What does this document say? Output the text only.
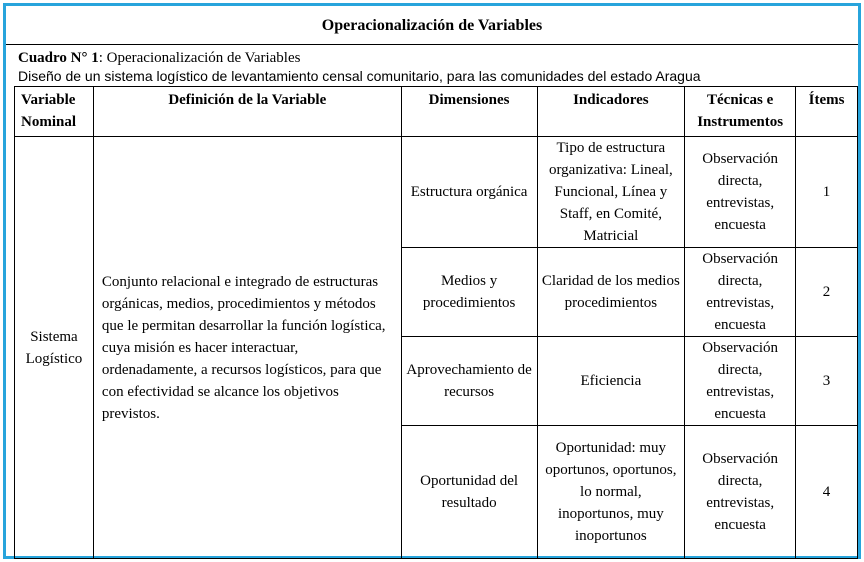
Operacionalización de Variables
Cuadro N° 1: Operacionalización de Variables
Diseño de un sistema logístico de levantamiento censal comunitario, para las comunidades del estado Aragua
Variable Nominal	Definición de la Variable	Dimensiones	Indicadores	Técnicas e Instrumentos	Ítems
Sistema Logístico	Conjunto relacional e integrado de estructuras orgánicas, medios, procedimientos y métodos que le permitan desarrollar la función logística, cuya misión es hacer interactuar, ordenadamente, a recursos logísticos, para que con efectividad se alcance los objetivos previstos.	Estructura orgánica	Tipo de estructura organizativa: Lineal, Funcional, Línea y Staff, en Comité, Matricial	Observación directa, entrevistas, encuesta	1
		Medios y procedimientos	Claridad de los medios procedimientos	Observación directa, entrevistas, encuesta	2
		Aprovechamiento de recursos	Eficiencia	Observación directa, entrevistas, encuesta	3
		Oportunidad del resultado	Oportunidad: muy oportunos, oportunos, lo normal, inoportunos, muy inoportunos	Observación directa, entrevistas, encuesta	4
